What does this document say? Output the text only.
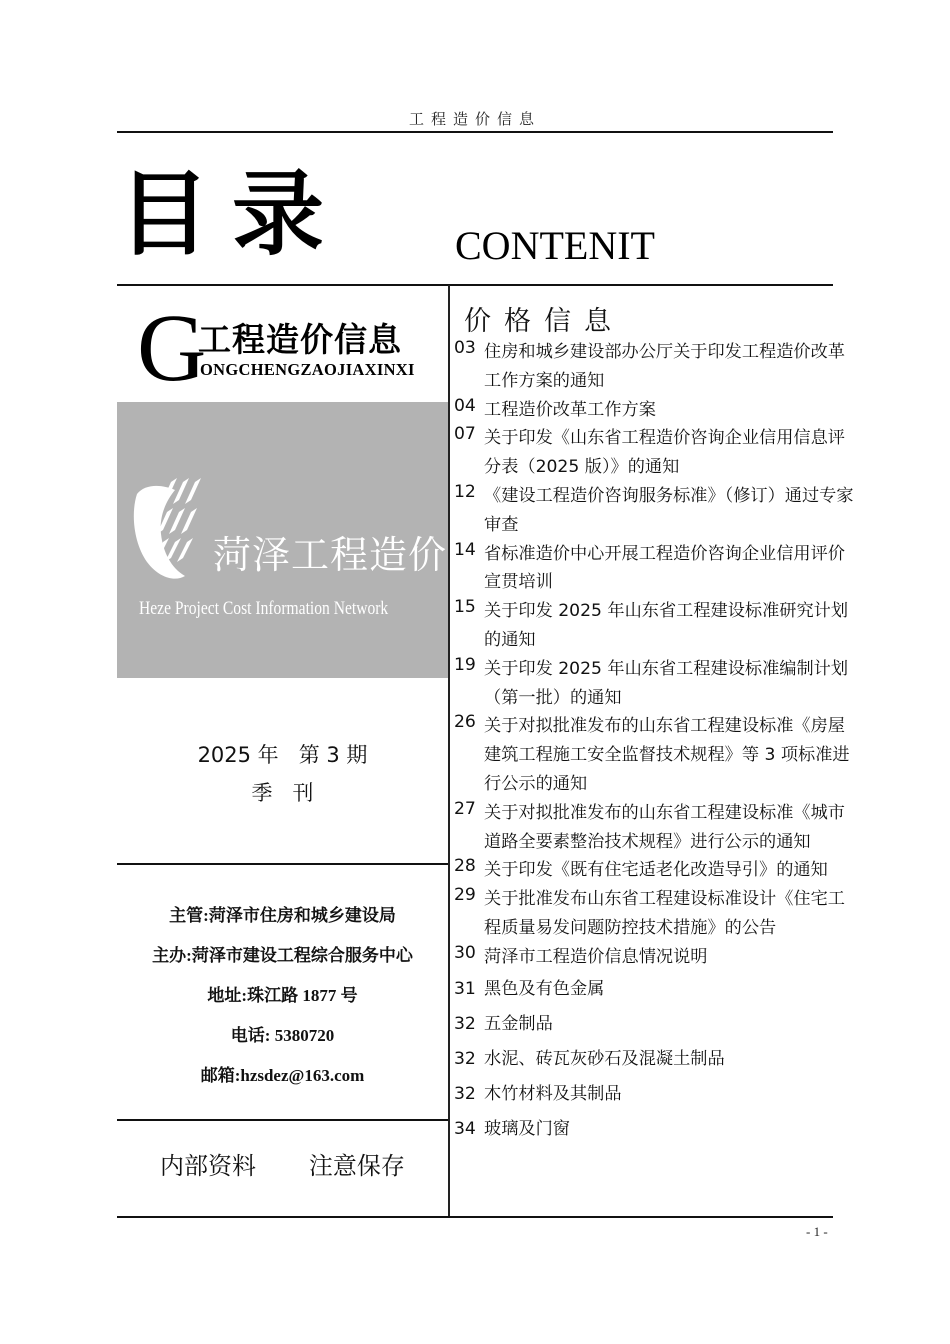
工程造价信息
目录	CONTENIT
G
工程造价信息
ONGCHENGZAOJIAXINXI
菏泽工程造价
Heze Project Cost Information Network
2025 年   第 3 期
季   刊
主管:菏泽市住房和城乡建设局
主办:菏泽市建设工程综合服务中心
地址:珠江路 1877 号
电话: 5380720
邮箱:hzsdez@163.com
内部资料   注意保存
价格信息
03 住房和城乡建设部办公厅关于印发工程造价改革工作方案的通知
04 工程造价改革工作方案
07 关于印发《山东省工程造价咨询企业信用信息评分表（2025 版）》的通知
12 《建设工程造价咨询服务标准》（修订）通过专家审查
14 省标准造价中心开展工程造价咨询企业信用评价宣贯培训
15 关于印发 2025 年山东省工程建设标准研究计划的通知
19 关于印发 2025 年山东省工程建设标准编制计划（第一批）的通知
26 关于对拟批准发布的山东省工程建设标准《房屋建筑工程施工安全监督技术规程》等 3 项标准进行公示的通知
27 关于对拟批准发布的山东省工程建设标准《城市道路全要素整治技术规程》进行公示的通知
28 关于印发《既有住宅适老化改造导引》的通知
29 关于批准发布山东省工程建设标准设计《住宅工程质量易发问题防控技术措施》的公告
30 菏泽市工程造价信息情况说明
31 黑色及有色金属
32 五金制品
32 水泥、砖瓦灰砂石及混凝土制品
32 木竹材料及其制品
34 玻璃及门窗
- 1 -
